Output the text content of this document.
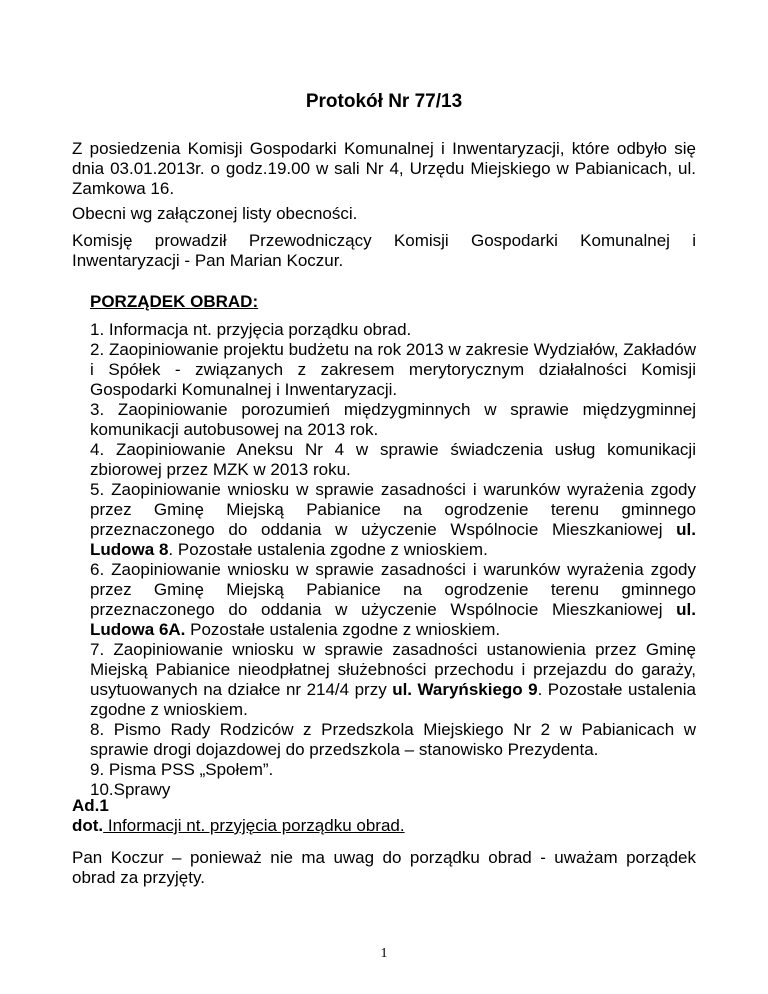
Protokół Nr 77/13

Z posiedzenia Komisji Gospodarki Komunalnej i Inwentaryzacji, które odbyło się dnia 03.01.2013r. o godz.19.00 w sali Nr 4, Urzędu Miejskiego w Pabianicach, ul. Zamkowa 16.

Obecni wg załączonej listy obecności.

Komisję prowadził Przewodniczący Komisji Gospodarki Komunalnej i Inwentaryzacji - Pan Marian Koczur.

PORZĄDEK OBRAD:

1. Informacja nt. przyjęcia porządku obrad.
2. Zaopiniowanie projektu budżetu na rok 2013 w zakresie Wydziałów, Zakładów i Spółek - związanych z zakresem merytorycznym działalności Komisji Gospodarki Komunalnej i Inwentaryzacji.
3. Zaopiniowanie porozumień międzygminnych w sprawie międzygminnej komunikacji autobusowej na 2013 rok.
4. Zaopiniowanie Aneksu Nr 4 w sprawie świadczenia usług komunikacji zbiorowej przez MZK w 2013 roku.
5. Zaopiniowanie wniosku w sprawie zasadności i warunków wyrażenia zgody przez Gminę Miejską Pabianice na ogrodzenie terenu gminnego przeznaczonego do oddania w użyczenie Wspólnocie Mieszkaniowej ul. Ludowa 8. Pozostałe ustalenia zgodne z wnioskiem.
6. Zaopiniowanie wniosku w sprawie zasadności i warunków wyrażenia zgody przez Gminę Miejską Pabianice na ogrodzenie terenu gminnego przeznaczonego do oddania w użyczenie Wspólnocie Mieszkaniowej ul. Ludowa 6A. Pozostałe ustalenia zgodne z wnioskiem.
7. Zaopiniowanie wniosku w sprawie zasadności ustanowienia przez Gminę Miejską Pabianice nieodpłatnej służebności przechodu i przejazdu do garaży, usytuowanych na działce nr 214/4 przy ul. Waryńskiego 9. Pozostałe ustalenia zgodne z wnioskiem.
8. Pismo Rady Rodziców z Przedszkola Miejskiego Nr 2 w Pabianicach w sprawie drogi dojazdowej do przedszkola – stanowisko Prezydenta.
9. Pisma PSS „Społem”.
10.Sprawy
Ad.1
dot. Informacji nt. przyjęcia porządku obrad.

Pan Koczur – ponieważ nie ma uwag do porządku obrad - uważam porządek obrad za przyjęty.

1
